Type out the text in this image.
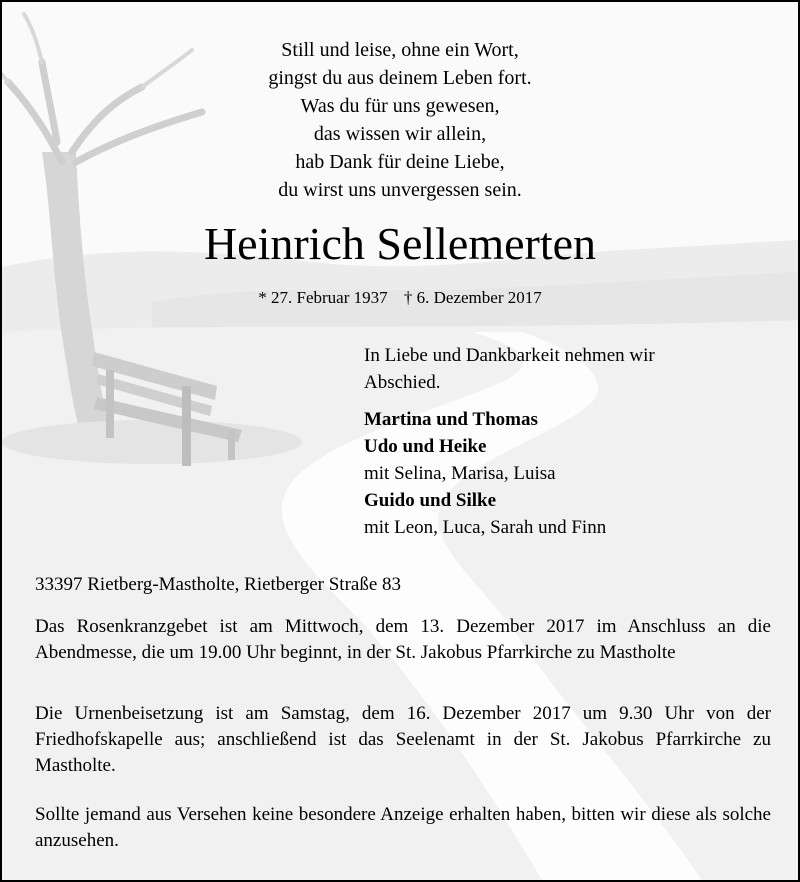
Still und leise, ohne ein Wort,
gingst du aus deinem Leben fort.
Was du für uns gewesen,
das wissen wir allein,
hab Dank für deine Liebe,
du wirst uns unvergessen sein.
Heinrich Sellemerten
* 27. Februar 1937 † 6. Dezember 2017
In Liebe und Dankbarkeit nehmen wir
Abschied.
Martina und Thomas
Udo und Heike
mit Selina, Marisa, Luisa
Guido und Silke
mit Leon, Luca, Sarah und Finn
33397 Rietberg-Mastholte, Rietberger Straße 83
Das Rosenkranzgebet ist am Mittwoch, dem 13. Dezember 2017 im Anschluss an die Abendmesse, die um 19.00 Uhr beginnt, in der St. Jakobus Pfarrkirche zu Mastholte
Die Urnenbeisetzung ist am Samstag, dem 16. Dezember 2017 um 9.30 Uhr von der Friedhofskapelle aus; anschließend ist das Seelenamt in der St. Jakobus Pfarrkirche zu Mastholte.
Sollte jemand aus Versehen keine besondere Anzeige erhalten haben, bitten wir diese als solche anzusehen.
